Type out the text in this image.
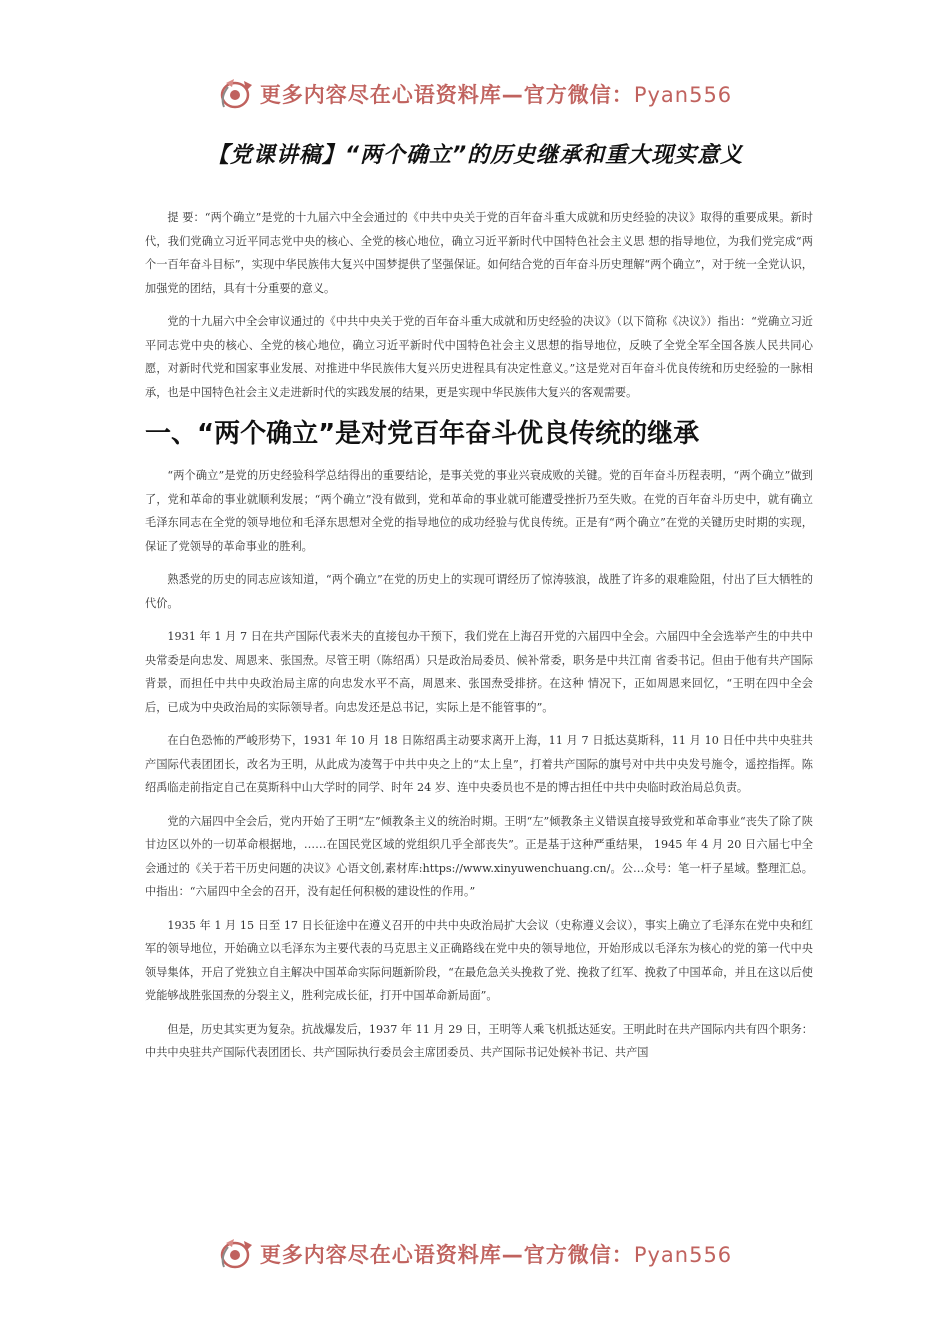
更多内容尽在心语资料库—官方微信：Pyan556
【党课讲稿】“两个确立”的历史继承和重大现实意义

提 要：“两个确立”是党的十九届六中全会通过的《中共中央关于党的百年奋斗重大成就和历史经验的决议》取得的重要成果。新时代，我们党确立习近平同志党中央的核心、全党的核心地位，确立习近平新时代中国特色社会主义思 想的指导地位，为我们党完成“两个一百年奋斗目标”，实现中华民族伟大复兴中国梦提供了坚强保证。如何结合党的百年奋斗历史理解“两个确立”，对于统一全党认识，加强党的团结，具有十分重要的意义。

党的十九届六中全会审议通过的《中共中央关于党的百年奋斗重大成就和历史经验的决议》（以下简称《决议》）指出：“党确立习近平同志党中央的核心、全党的核心地位，确立习近平新时代中国特色社会主义思想的指导地位，反映了全党全军全国各族人民共同心愿，对新时代党和国家事业发展、对推进中华民族伟大复兴历史进程具有决定性意义。”这是党对百年奋斗优良传统和历史经验的一脉相承，也是中国特色社会主义走进新时代的实践发展的结果，更是实现中华民族伟大复兴的客观需要。

一、“两个确立”是对党百年奋斗优良传统的继承

“两个确立”是党的历史经验科学总结得出的重要结论，是事关党的事业兴衰成败的关键。党的百年奋斗历程表明，“两个确立”做到了，党和革命的事业就顺利发展；“两个确立”没有做到，党和革命的事业就可能遭受挫折乃至失败。在党的百年奋斗历史中，就有确立毛泽东同志在全党的领导地位和毛泽东思想对全党的指导地位的成功经验与优良传统。正是有“两个确立”在党的关键历史时期的实现，保证了党领导的革命事业的胜利。

熟悉党的历史的同志应该知道，“两个确立”在党的历史上的实现可谓经历了惊涛骇浪，战胜了许多的艰难险阻，付出了巨大牺牲的代价。

1931 年 1 月 7 日在共产国际代表米夫的直接包办干预下，我们党在上海召开党的六届四中全会。六届四中全会选举产生的中共中央常委是向忠发、周恩来、张国焘。尽管王明（陈绍禹）只是政治局委员、候补常委，职务是中共江南 省委书记。但由于他有共产国际背景，而担任中共中央政治局主席的向忠发水平不高，周恩来、张国焘受排挤。在这种 情况下，正如周恩来回忆，“王明在四中全会后，已成为中央政治局的实际领导者。向忠发还是总书记，实际上是不能管事的”。

在白色恐怖的严峻形势下，1931 年 10 月 18 日陈绍禹主动要求离开上海，11 月 7 日抵达莫斯科，11 月 10 日任中共中央驻共产国际代表团团长，改名为王明，从此成为凌驾于中共中央之上的“太上皇”，打着共产国际的旗号对中共中央发号施令，遥控指挥。陈绍禹临走前指定自己在莫斯科中山大学时的同学、时年 24 岁、连中央委员也不是的博古担任中共中央临时政治局总负责。

党的六届四中全会后，党内开始了王明“左”倾教条主义的统治时期。王明“左”倾教条主义错误直接导致党和革命事业“丧失了除了陕甘边区以外的一切革命根据地，……在国民党区域的党组织几乎全部丧失”。正是基于这种严重结果， 1945 年 4 月 20 日六届七中全会通过的《关于若干历史问题的决议》心语文创,素材库:https://www.xinyuwenchuang.cn/。公…众号：笔一杆子星域。整理汇总。中指出：“六届四中全会的召开，没有起任何积极的建设性的作用。”

1935 年 1 月 15 日至 17 日长征途中在遵义召开的中共中央政治局扩大会议（史称遵义会议），事实上确立了毛泽东在党中央和红军的领导地位，开始确立以毛泽东为主要代表的马克思主义正确路线在党中央的领导地位，开始形成以毛泽东为核心的党的第一代中央领导集体，开启了党独立自主解决中国革命实际问题新阶段，“在最危急关头挽救了党、挽救了红军、挽救了中国革命，并且在这以后使党能够战胜张国焘的分裂主义，胜利完成长征，打开中国革命新局面”。

但是，历史其实更为复杂。抗战爆发后，1937 年 11 月 29 日，王明等人乘飞机抵达延安。王明此时在共产国际内共有四个职务：中共中央驻共产国际代表团团长、共产国际执行委员会主席团委员、共产国际书记处候补书记、共产国

更多内容尽在心语资料库—官方微信：Pyan556
